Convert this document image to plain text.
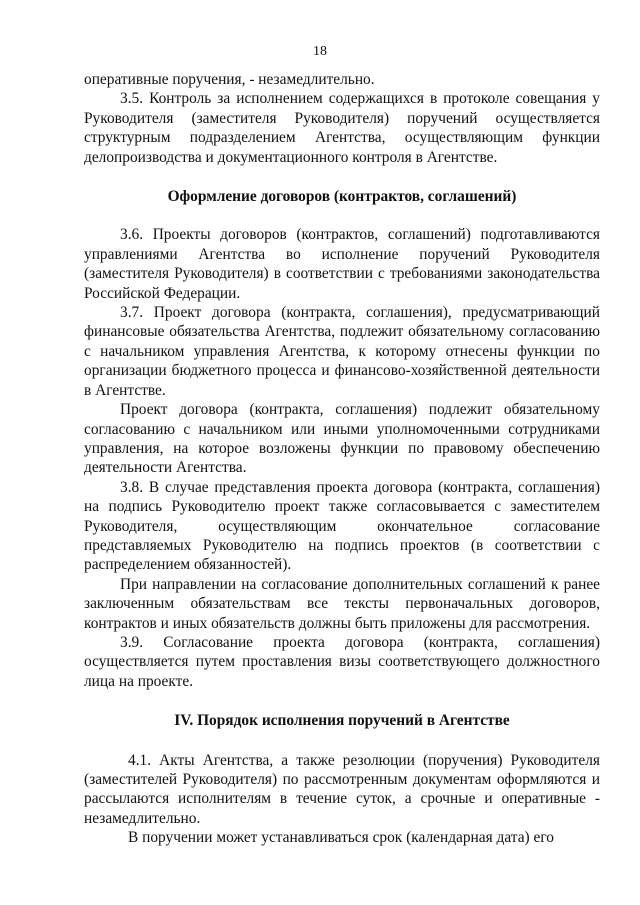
18

оперативные поручения, - незамедлительно.

3.5. Контроль за исполнением содержащихся в протоколе совещания у Руководителя (заместителя Руководителя) поручений осуществляется структурным подразделением Агентства, осуществляющим функции делопроизводства и документационного контроля в Агентстве.

Оформление договоров (контрактов, соглашений)

3.6. Проекты договоров (контрактов, соглашений) подготавливаются управлениями Агентства во исполнение поручений Руководителя (заместителя Руководителя) в соответствии с требованиями законодательства Российской Федерации.

3.7. Проект договора (контракта, соглашения), предусматривающий финансовые обязательства Агентства, подлежит обязательному согласованию с начальником управления Агентства, к которому отнесены функции по организации бюджетного процесса и финансово-хозяйственной деятельности в Агентстве.

Проект договора (контракта, соглашения) подлежит обязательному согласованию с начальником или иными уполномоченными сотрудниками управления, на которое возложены функции по правовому обеспечению деятельности Агентства.

3.8. В случае представления проекта договора (контракта, соглашения) на подпись Руководителю проект также согласовывается с заместителем Руководителя, осуществляющим окончательное согласование представляемых Руководителю на подпись проектов (в соответствии с распределением обязанностей).

При направлении на согласование дополнительных соглашений к ранее заключенным обязательствам все тексты первоначальных договоров, контрактов и иных обязательств должны быть приложены для рассмотрения.

3.9. Согласование проекта договора (контракта, соглашения) осуществляется путем проставления визы соответствующего должностного лица на проекте.

IV. Порядок исполнения поручений в Агентстве

4.1. Акты Агентства, а также резолюции (поручения) Руководителя (заместителей Руководителя) по рассмотренным документам оформляются и рассылаются исполнителям в течение суток, а срочные и оперативные - незамедлительно.

В поручении может устанавливаться срок (календарная дата) его
